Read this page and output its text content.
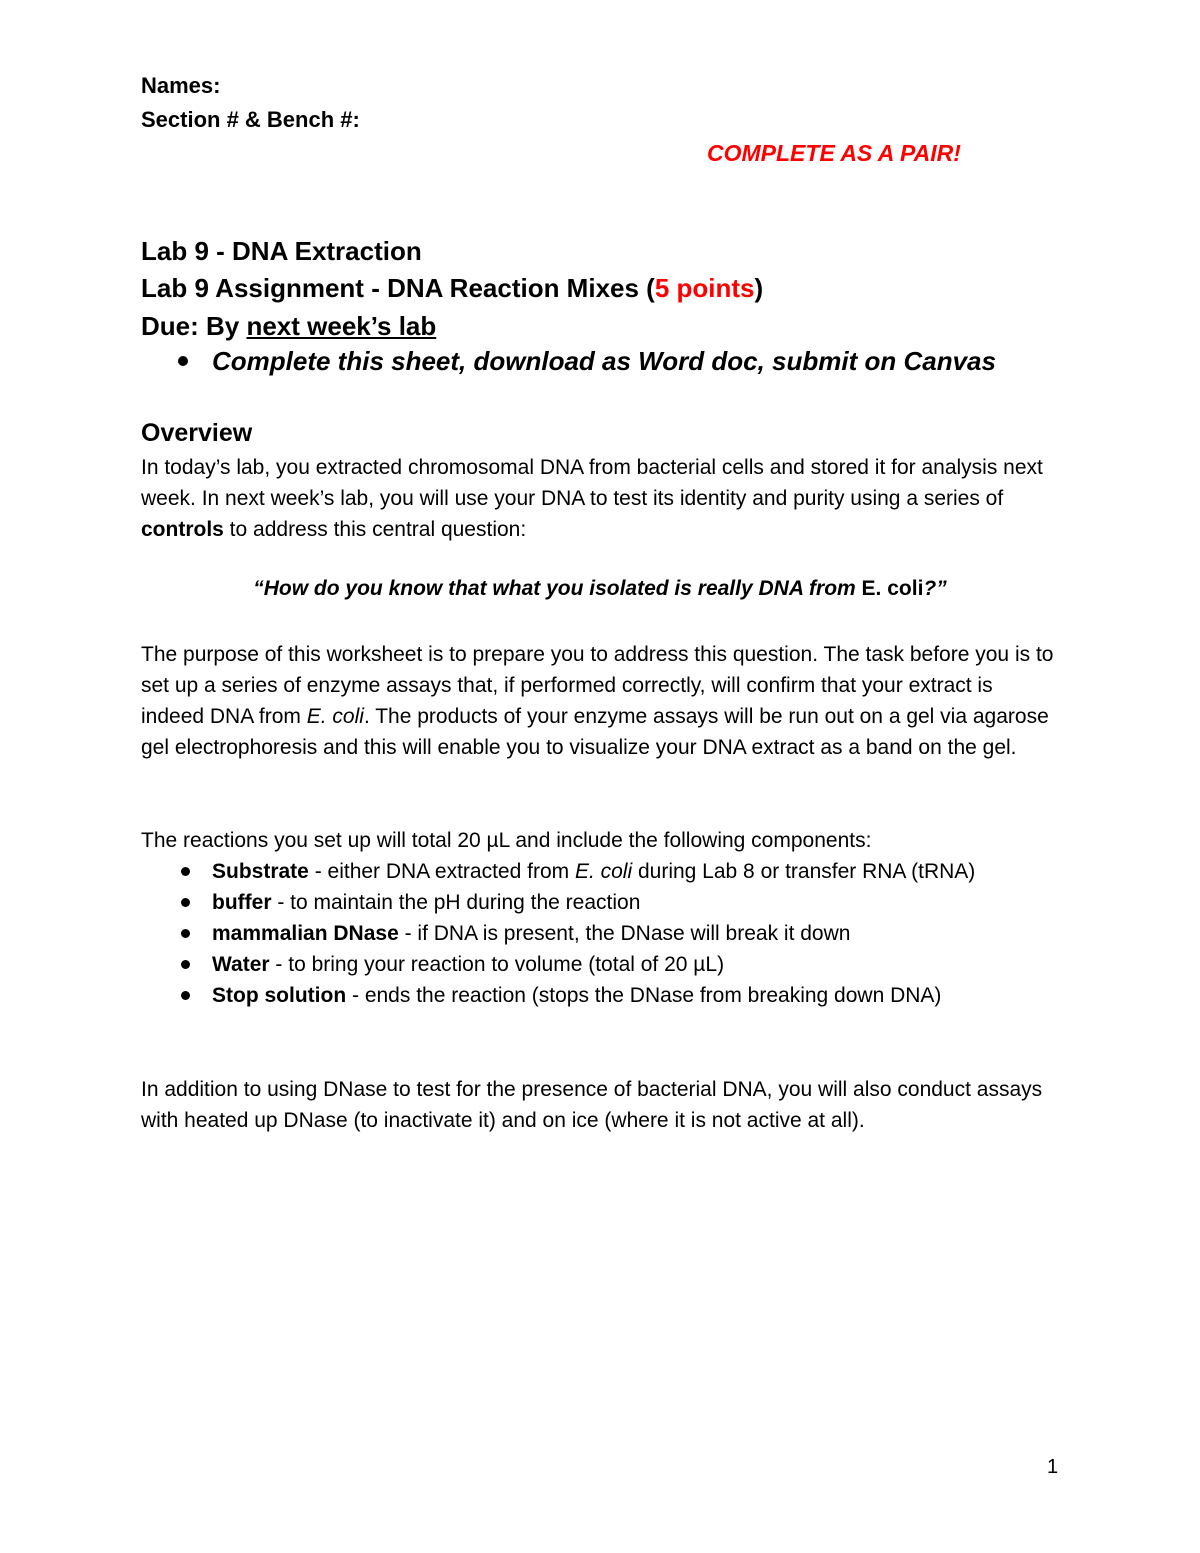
Names:
Section # & Bench #:
COMPLETE AS A PAIR!
Lab 9 - DNA Extraction
Lab 9 Assignment - DNA Reaction Mixes (5 points)
Due: By next week’s lab
Complete this sheet, download as Word doc, submit on Canvas
Overview
In today’s lab, you extracted chromosomal DNA from bacterial cells and stored it for analysis next week. In next week’s lab, you will use your DNA to test its identity and purity using a series of controls to address this central question:
“How do you know that what you isolated is really DNA from E. coli?”
The purpose of this worksheet is to prepare you to address this question. The task before you is to set up a series of enzyme assays that, if performed correctly, will confirm that your extract is indeed DNA from E. coli. The products of your enzyme assays will be run out on a gel via agarose gel electrophoresis and this will enable you to visualize your DNA extract as a band on the gel.
The reactions you set up will total 20 µL and include the following components:
Substrate - either DNA extracted from E. coli during Lab 8 or transfer RNA (tRNA)
buffer - to maintain the pH during the reaction
mammalian DNase - if DNA is present, the DNase will break it down
Water - to bring your reaction to volume (total of 20 µL)
Stop solution - ends the reaction (stops the DNase from breaking down DNA)
In addition to using DNase to test for the presence of bacterial DNA, you will also conduct assays with heated up DNase (to inactivate it) and on ice (where it is not active at all).
1
